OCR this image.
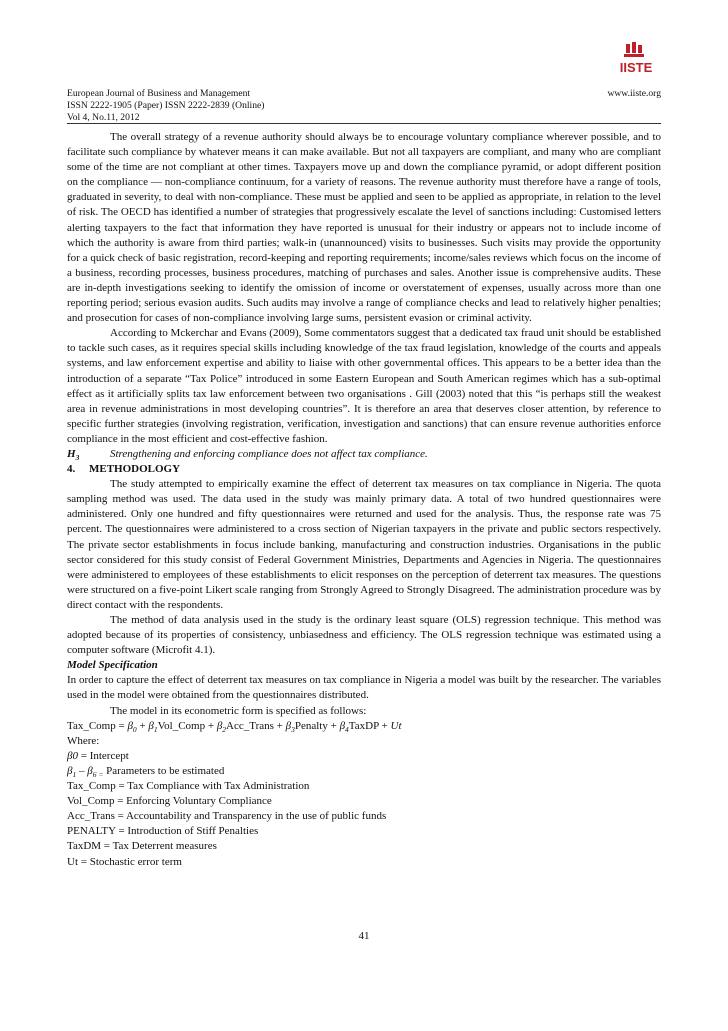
European Journal of Business and Management
ISSN 2222-1905 (Paper) ISSN 2222-2839 (Online)
Vol 4, No.11, 2012
www.iiste.org
IISTE

The overall strategy of a revenue authority should always be to encourage voluntary compliance wherever possible, and to facilitate such compliance by whatever means it can make available. But not all taxpayers are compliant, and many who are compliant some of the time are not compliant at other times. Taxpayers move up and down the compliance pyramid, or adopt different position on the compliance — non-compliance continuum, for a variety of reasons. The revenue authority must therefore have a range of tools, graduated in severity, to deal with non-compliance. These must be applied and seen to be applied as appropriate, in relation to the level of risk. The OECD has identified a number of strategies that progressively escalate the level of sanctions including: Customised letters alerting taxpayers to the fact that information they have reported is unusual for their industry or appears not to include income of which the authority is aware from third parties; walk-in (unannounced) visits to businesses. Such visits may provide the opportunity for a quick check of basic registration, record-keeping and reporting requirements; income/sales reviews which focus on the income of a business, recording processes, business procedures, matching of purchases and sales. Another issue is comprehensive audits. These are in-depth investigations seeking to identify the omission of income or overstatement of expenses, usually across more than one reporting period; serious evasion audits. Such audits may involve a range of compliance checks and lead to relatively higher penalties; and prosecution for cases of non-compliance involving large sums, persistent evasion or criminal activity.

According to Mckerchar and Evans (2009), Some commentators suggest that a dedicated tax fraud unit should be established to tackle such cases, as it requires special skills including knowledge of the tax fraud legislation, knowledge of the courts and appeals systems, and law enforcement expertise and ability to liaise with other governmental offices. This appears to be a better idea than the introduction of a separate “Tax Police” introduced in some Eastern European and South American regimes which has a sub-optimal effect as it artificially splits tax law enforcement between two organisations . Gill (2003) noted that this “is perhaps still the weakest area in revenue administrations in most developing countries”. It is therefore an area that deserves closer attention, by reference to specific further strategies (involving registration, verification, investigation and sanctions) that can ensure revenue authorities enforce compliance in the most efficient and cost-effective fashion.

$H_3$	Strengthening and enforcing compliance does not affect tax compliance.

4. METHODOLOGY

The study attempted to empirically examine the effect of deterrent tax measures on tax compliance in Nigeria. The quota sampling method was used. The data used in the study was mainly primary data. A total of two hundred questionnaires were administered. Only one hundred and fifty questionnaires were returned and used for the analysis. Thus, the response rate was 75 percent. The questionnaires were administered to a cross section of Nigerian taxpayers in the private and public sectors respectively. The private sector establishments in focus include banking, manufacturing and construction industries. Organisations in the public sector considered for this study consist of Federal Government Ministries, Departments and Agencies in Nigeria. The questionnaires were administered to employees of these establishments to elicit responses on the perception of deterrent tax measures. The questions were structured on a five-point Likert scale ranging from Strongly Agreed to Strongly Disagreed. The administration procedure was by direct contact with the respondents.

The method of data analysis used in the study is the ordinary least square (OLS) regression technique. This method was adopted because of its properties of consistency, unbiasedness and efficiency. The OLS regression technique was estimated using a computer software (Microfit 4.1).

Model Specification

In order to capture the effect of deterrent tax measures on tax compliance in Nigeria a model was built by the researcher. The variables used in the model were obtained from the questionnaires distributed.

The model in its econometric form is specified as follows:

Tax_Comp = $\beta_0$ + $\beta_1Vol\_Comp$ + $\beta_2Acc\_Trans$ + $\beta_3Penalty$ + $\beta_4TaxDP + Ut$

Where:

β0 = Intercept

$\beta_1 - \beta_{6 =}$ Parameters to be estimated

Tax_Comp = Tax Compliance with Tax Administration

Vol_Comp = Enforcing Voluntary Compliance

Acc_Trans = Accountability and Transparency in the use of public funds

PENALTY = Introduction of Stiff Penalties

TaxDM = Tax Deterrent measures

Ut = Stochastic error term

41
